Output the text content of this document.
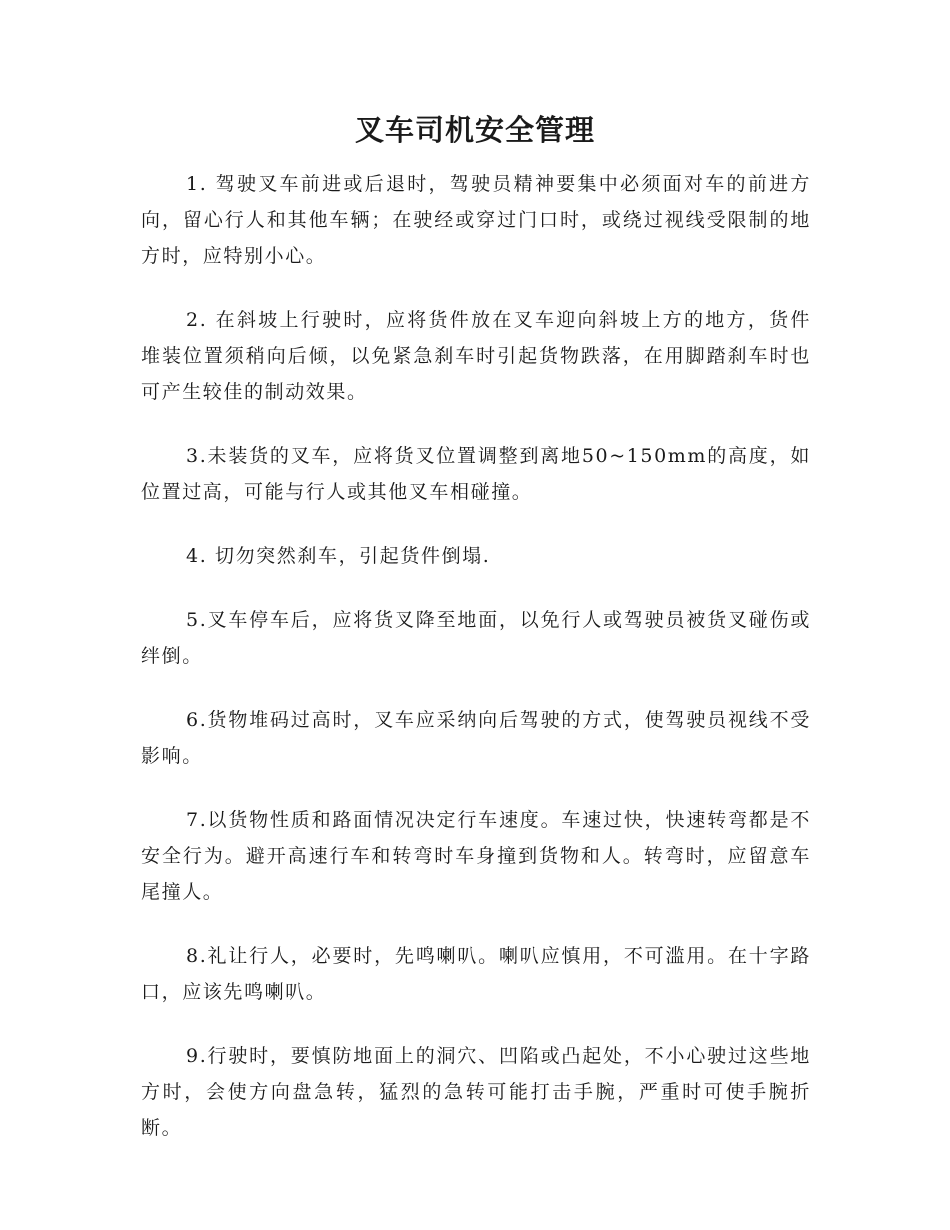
叉车司机安全管理

1. 驾驶叉车前进或后退时，驾驶员精神要集中必须面对车的前进方向，留心行人和其他车辆；在驶经或穿过门口时，或绕过视线受限制的地方时，应特别小心。

2. 在斜坡上行驶时，应将货件放在叉车迎向斜坡上方的地方，货件堆装位置须稍向后倾，以免紧急刹车时引起货物跌落，在用脚踏刹车时也可产生较佳的制动效果。

3.未装货的叉车，应将货叉位置调整到离地50~150mm的高度，如位置过高，可能与行人或其他叉车相碰撞。

4. 切勿突然刹车，引起货件倒塌.

5.叉车停车后，应将货叉降至地面，以免行人或驾驶员被货叉碰伤或绊倒。

6.货物堆码过高时，叉车应采纳向后驾驶的方式，使驾驶员视线不受影响。

7.以货物性质和路面情况决定行车速度。车速过快，快速转弯都是不安全行为。避开高速行车和转弯时车身撞到货物和人。转弯时，应留意车尾撞人。

8.礼让行人，必要时，先鸣喇叭。喇叭应慎用，不可滥用。在十字路口，应该先鸣喇叭。

9.行驶时，要慎防地面上的洞穴、凹陷或凸起处，不小心驶过这些地方时，会使方向盘急转，猛烈的急转可能打击手腕，严重时可使手腕折断。
